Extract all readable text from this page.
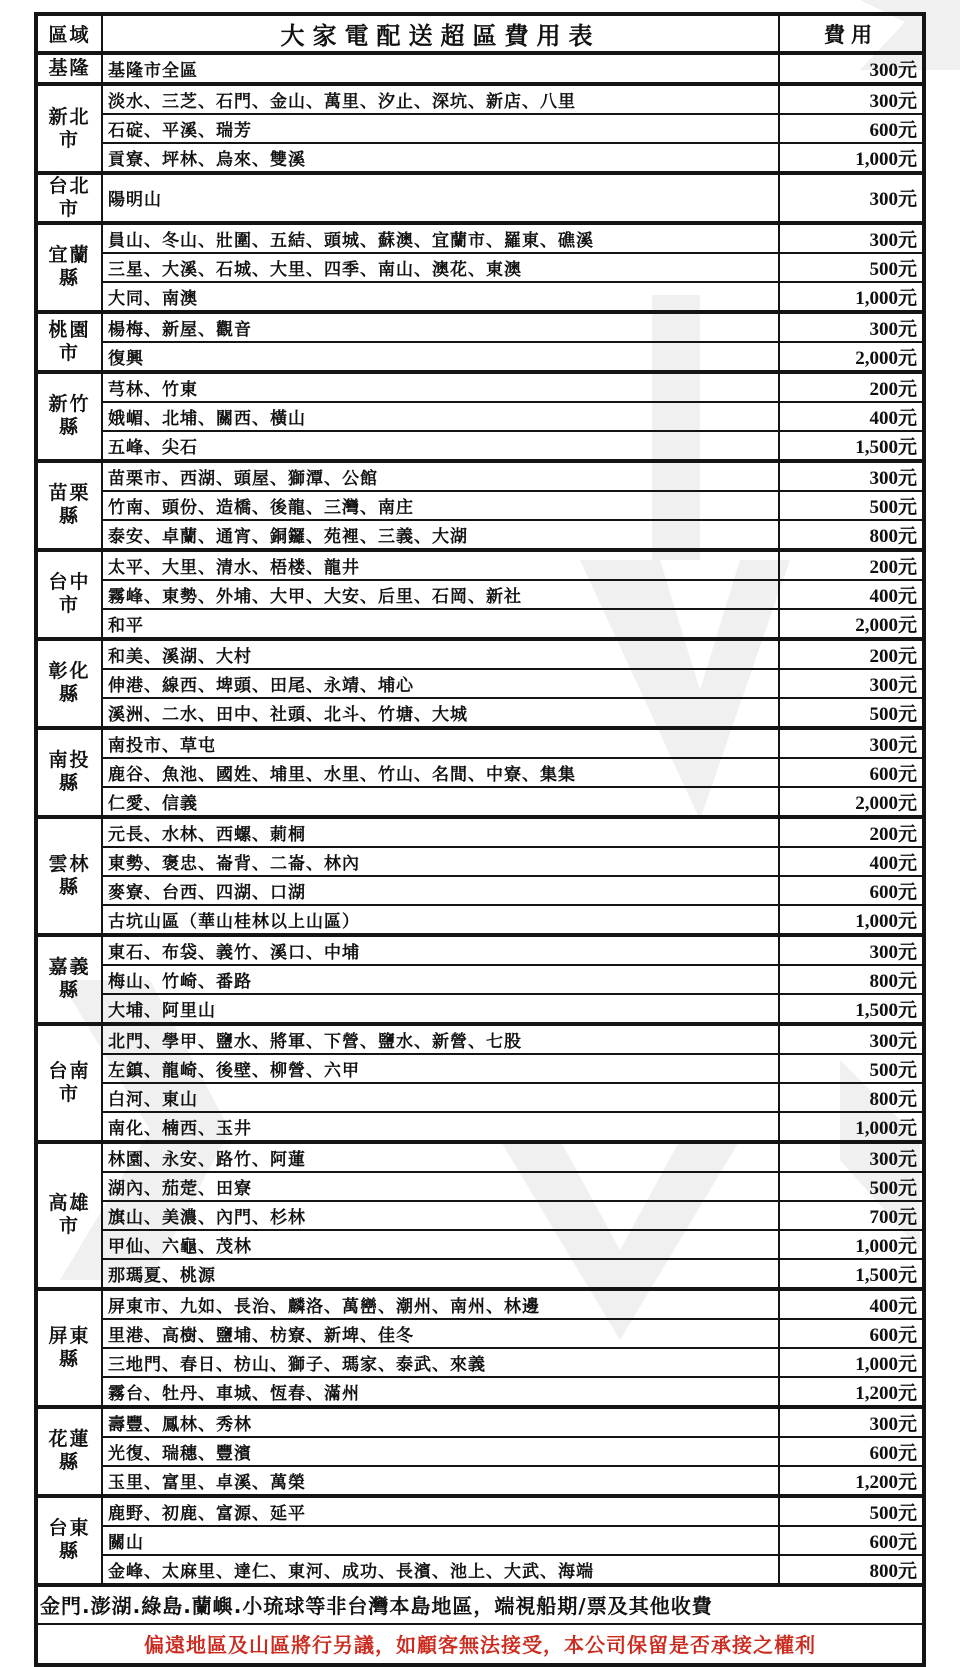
區域	大家電配送超區費用表	費用
基隆	基隆市全區	300元
新北
市	淡水、三芝、石門、金山、萬里、汐止、深坑、新店、八里	300元
	石碇、平溪、瑞芳	600元
	貢寮、坪林、烏來、雙溪	1,000元
台北
市	陽明山	300元
宜蘭
縣	員山、冬山、壯圍、五結、頭城、蘇澳、宜蘭市、羅東、礁溪	300元
	三星、大溪、石城、大里、四季、南山、澳花、東澳	500元
	大同、南澳	1,000元
桃園
市	楊梅、新屋、觀音	300元
	復興	2,000元
新竹
縣	芎林、竹東	200元
	娥嵋、北埔、關西、橫山	400元
	五峰、尖石	1,500元
苗栗
縣	苗栗市、西湖、頭屋、獅潭、公館	300元
	竹南、頭份、造橋、後龍、三灣、南庄	500元
	泰安、卓蘭、通宵、銅鑼、苑裡、三義、大湖	800元
台中
市	太平、大里、清水、梧楼、龍井	200元
	霧峰、東勢、外埔、大甲、大安、后里、石岡、新社	400元
	和平	2,000元
彰化
縣	和美、溪湖、大村	200元
	伸港、線西、埤頭、田尾、永靖、埔心	300元
	溪洲、二水、田中、社頭、北斗、竹塘、大城	500元
南投
縣	南投市、草屯	300元
	鹿谷、魚池、國姓、埔里、水里、竹山、名間、中寮、集集	600元
	仁愛、信義	2,000元
雲林
縣	元長、水林、西螺、莿桐	200元
	東勢、褒忠、崙背、二崙、林內	400元
	麥寮、台西、四湖、口湖	600元
	古坑山區（華山桂林以上山區）	1,000元
嘉義
縣	東石、布袋、義竹、溪口、中埔	300元
	梅山、竹崎、番路	800元
	大埔、阿里山	1,500元
台南
市	北門、學甲、鹽水、將軍、下營、鹽水、新營、七股	300元
	左鎮、龍崎、後壁、柳營、六甲	500元
	白河、東山	800元
	南化、楠西、玉井	1,000元
高雄
市	林園、永安、路竹、阿蓮	300元
	湖內、茄萣、田寮	500元
	旗山、美濃、內門、杉林	700元
	甲仙、六龜、茂林	1,000元
	那瑪夏、桃源	1,500元
屏東
縣	屏東市、九如、長治、麟洛、萬巒、潮州、南州、林邊	400元
	里港、高樹、鹽埔、枋寮、新埤、佳冬	600元
	三地門、春日、枋山、獅子、瑪家、泰武、來義	1,000元
	霧台、牡丹、車城、恆春、滿州	1,200元
花蓮
縣	壽豐、鳳林、秀林	300元
	光復、瑞穗、豐濱	600元
	玉里、富里、卓溪、萬榮	1,200元
台東
縣	鹿野、初鹿、富源、延平	500元
	關山	600元
	金峰、太麻里、達仁、東河、成功、長濱、池上、大武、海端	800元
金門.澎湖.綠島.蘭嶼.小琉球等非台灣本島地區，端視船期/票及其他收費		
偏遠地區及山區將行另議，如顧客無法接受，本公司保留是否承接之權利		
